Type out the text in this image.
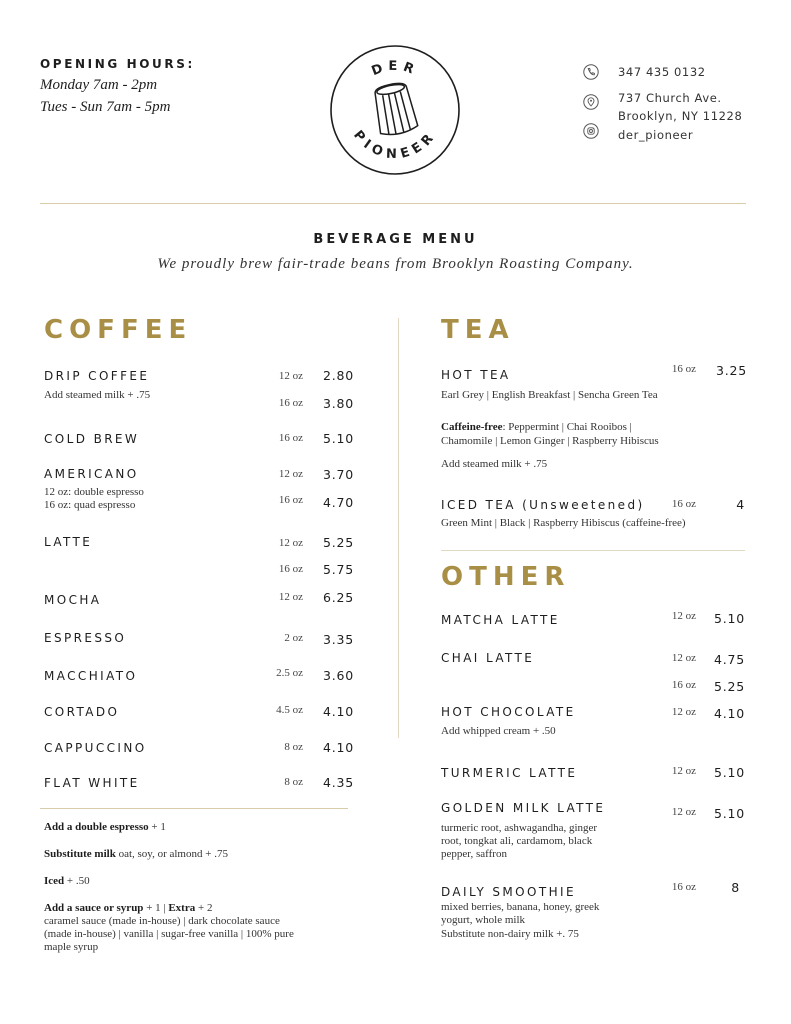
OPENING HOURS:
Monday 7am - 2pm
Tues - Sun 7am - 5pm
DER
PIONEER
347 435 0132
737 Church Ave.
Brooklyn, NY 11228
der_pioneer
BEVERAGE MENU
We proudly brew fair-trade beans from Brooklyn Roasting Company.
COFFEE
DRIP COFFEE
Add steamed milk + .75
12 oz	2.80
16 oz	3.80
COLD BREW	16 oz	5.10
AMERICANO
12 oz: double espresso
16 oz: quad espresso
12 oz	3.70
16 oz	4.70
LATTE	12 oz	5.25
16 oz	5.75
MOCHA	12 oz	6.25
ESPRESSO	2 oz	3.35
MACCHIATO	2.5 oz	3.60
CORTADO	4.5 oz	4.10
CAPPUCCINO	8 oz	4.10
FLAT WHITE	8 oz	4.35
Add a double espresso + 1
Substitute milk oat, soy, or almond + .75
Iced + .50
Add a sauce or syrup + 1 | Extra + 2
caramel sauce (made in-house) | dark chocolate sauce
(made in-house) | vanilla | sugar-free vanilla | 100% pure
maple syrup
TEA
HOT TEA	16 oz	3.25
Earl Grey | English Breakfast | Sencha Green Tea
Caffeine-free: Peppermint | Chai Rooibos |
Chamomile | Lemon Ginger | Raspberry Hibiscus
Add steamed milk + .75
ICED TEA (Unsweetened)	16 oz	4
Green Mint | Black | Raspberry Hibiscus (caffeine-free)
OTHER
MATCHA LATTE	12 oz	5.10
CHAI LATTE	12 oz	4.75
16 oz	5.25
HOT CHOCOLATE	12 oz	4.10
Add whipped cream + .50
TURMERIC LATTE	12 oz	5.10
GOLDEN MILK LATTE	12 oz	5.10
turmeric root, ashwagandha, ginger
root, tongkat ali, cardamom, black
pepper, saffron
DAILY SMOOTHIE	16 oz	8
mixed berries, banana, honey, greek
yogurt, whole milk
Substitute non-dairy milk +. 75
